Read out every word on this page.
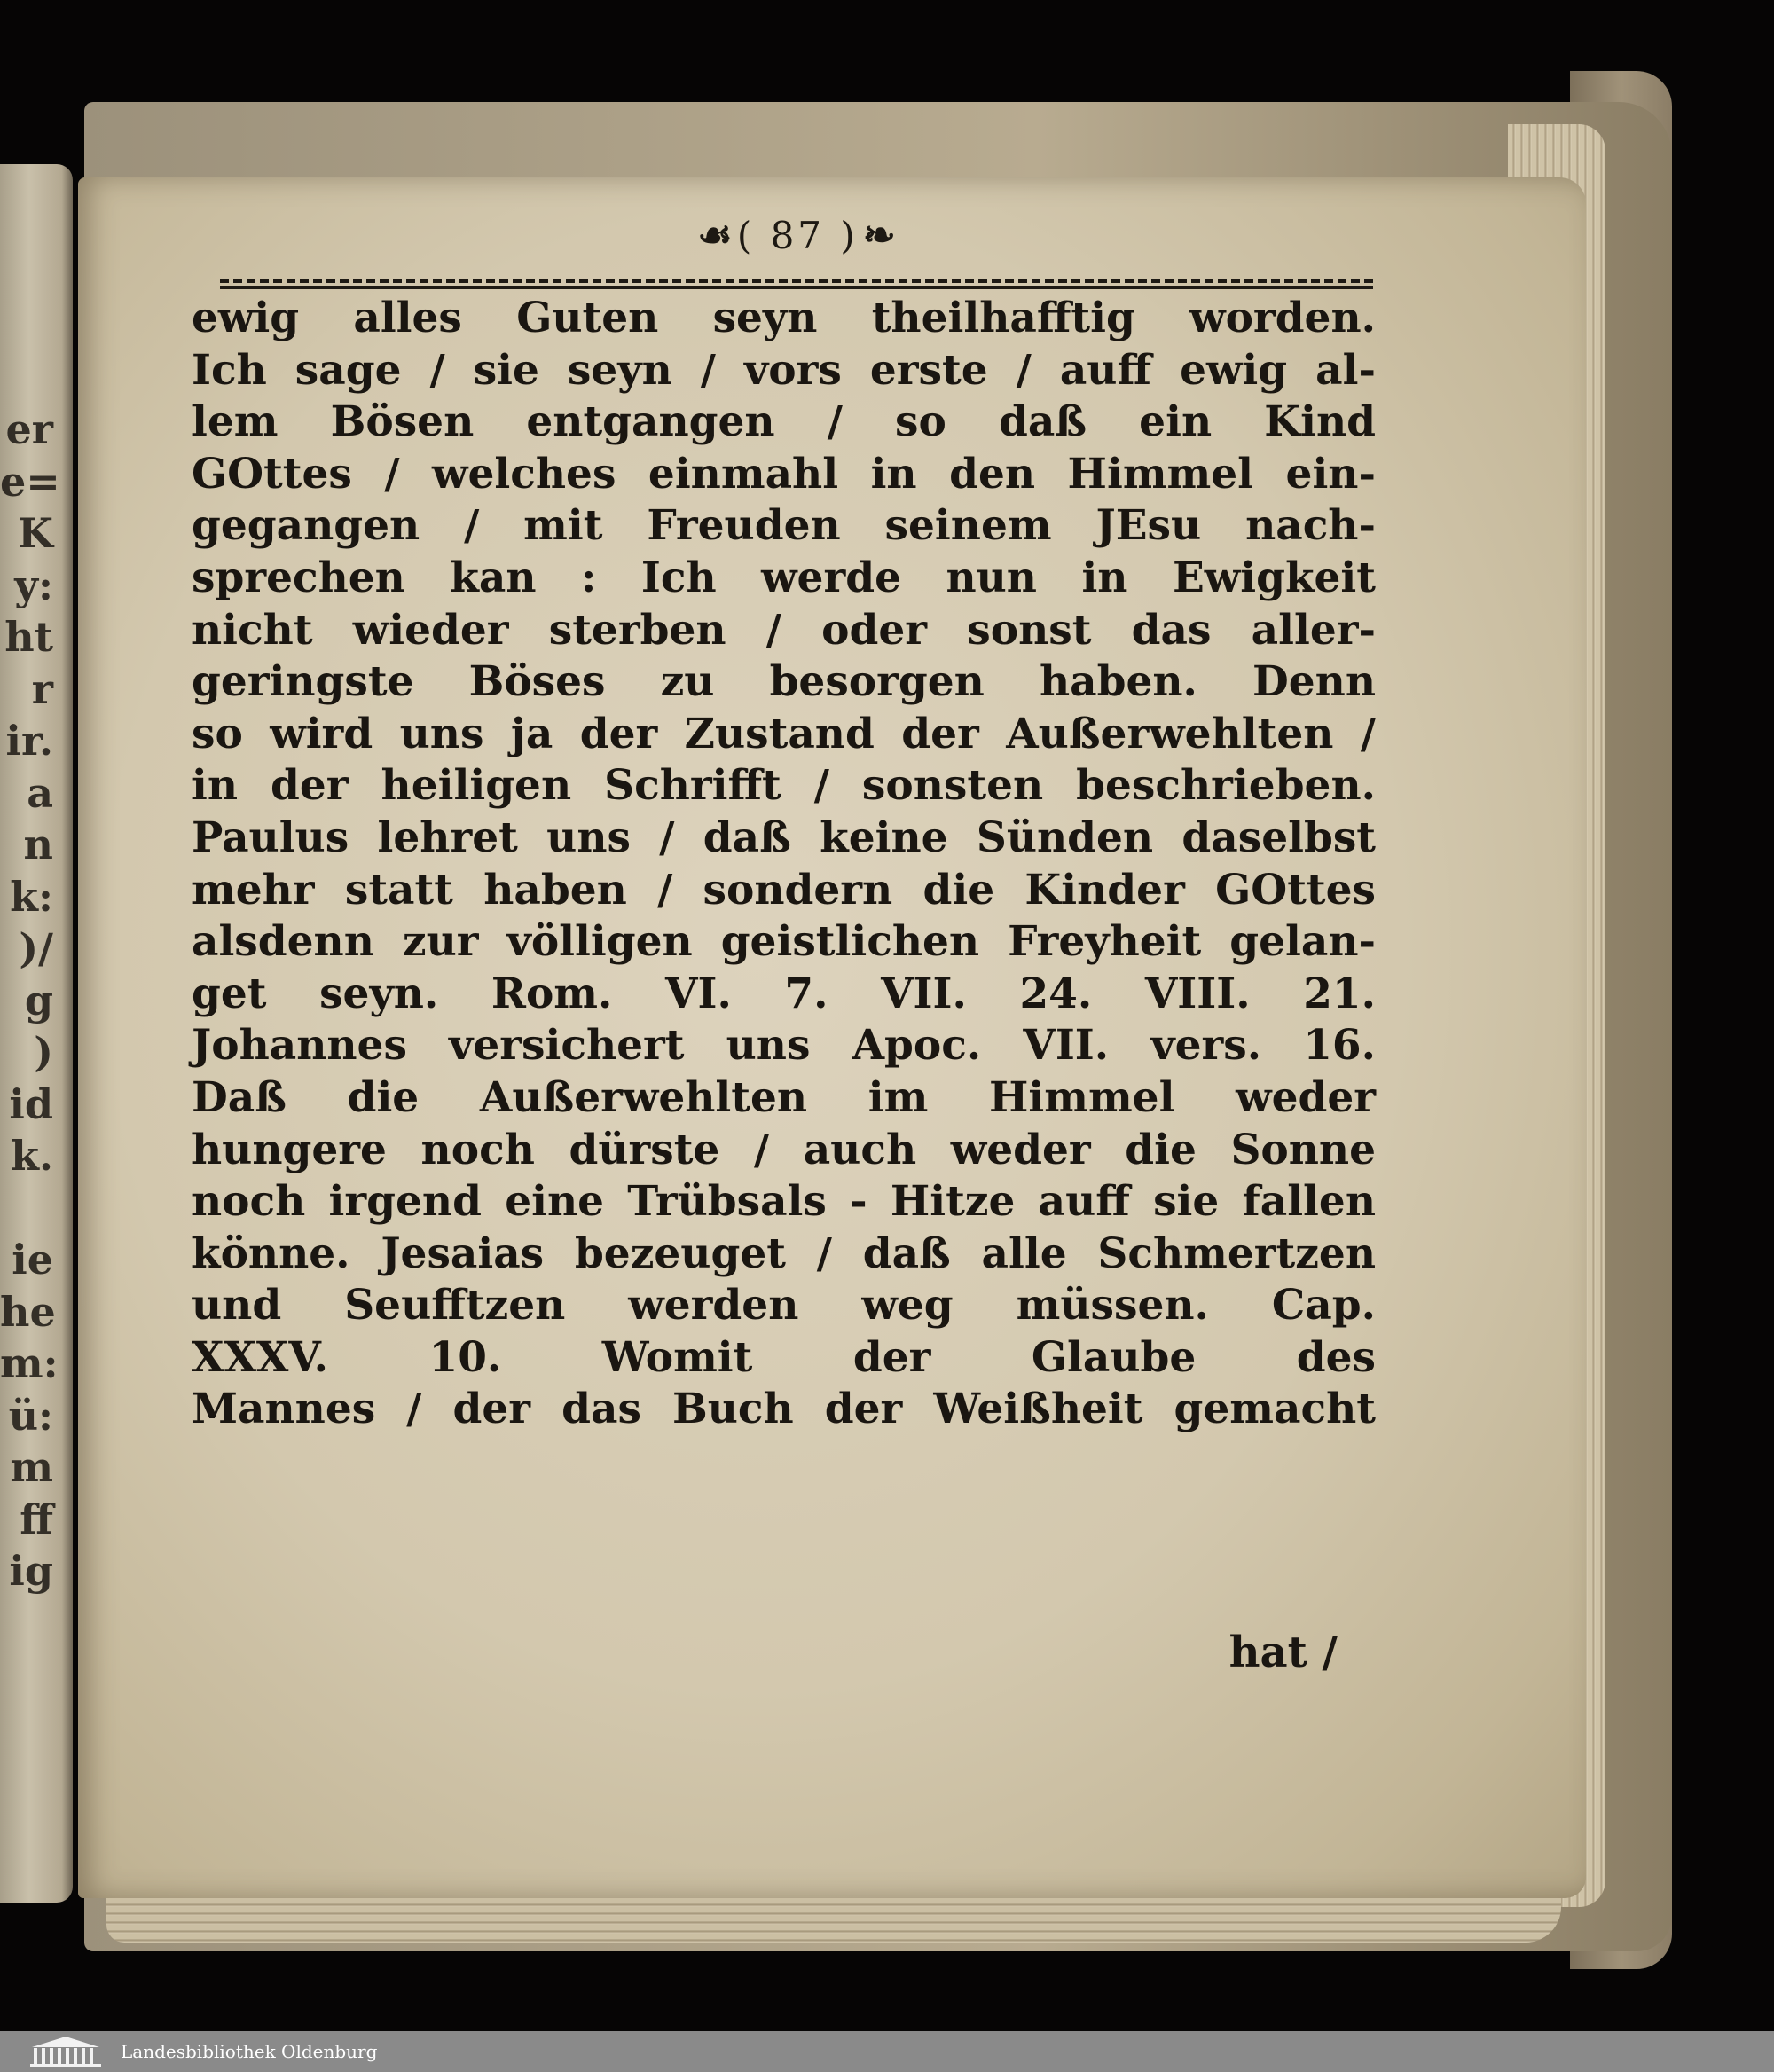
er
e=
K
y:
ht
r
ir.
a
n
k:
)/
g
)
id
k.
ie
he
m:
ü:
m
ff
ig
☙ ( 87 ) ❧
ewig alles Guten seyn theilhafftig worden.
Ich sage / sie seyn / vors erste / auff ewig al-
lem Bösen entgangen / so daß ein Kind
GOttes / welches einmahl in den Himmel ein-
gegangen / mit Freuden seinem JEsu nach-
sprechen kan : Ich werde nun in Ewigkeit
nicht wieder sterben / oder sonst das aller-
geringste Böses zu besorgen haben. Denn
so wird uns ja der Zustand der Außerwehlten /
in der heiligen Schrifft / sonsten beschrieben.
Paulus lehret uns / daß keine Sünden daselbst
mehr statt haben / sondern die Kinder GOttes
alsdenn zur völligen geistlichen Freyheit gelan-
get seyn. Rom. VI. 7. VII. 24. VIII. 21.
Johannes versichert uns Apoc. VII. vers. 16.
Daß die Außerwehlten im Himmel weder
hungere noch dürste / auch weder die Sonne
noch irgend eine Trübsals - Hitze auff sie fallen
könne. Jesaias bezeuget / daß alle Schmertzen
und Seufftzen werden weg müssen. Cap.
XXXV. 10. Womit der Glaube des
Mannes / der das Buch der Weißheit gemacht
hat /
Landesbibliothek Oldenburg
